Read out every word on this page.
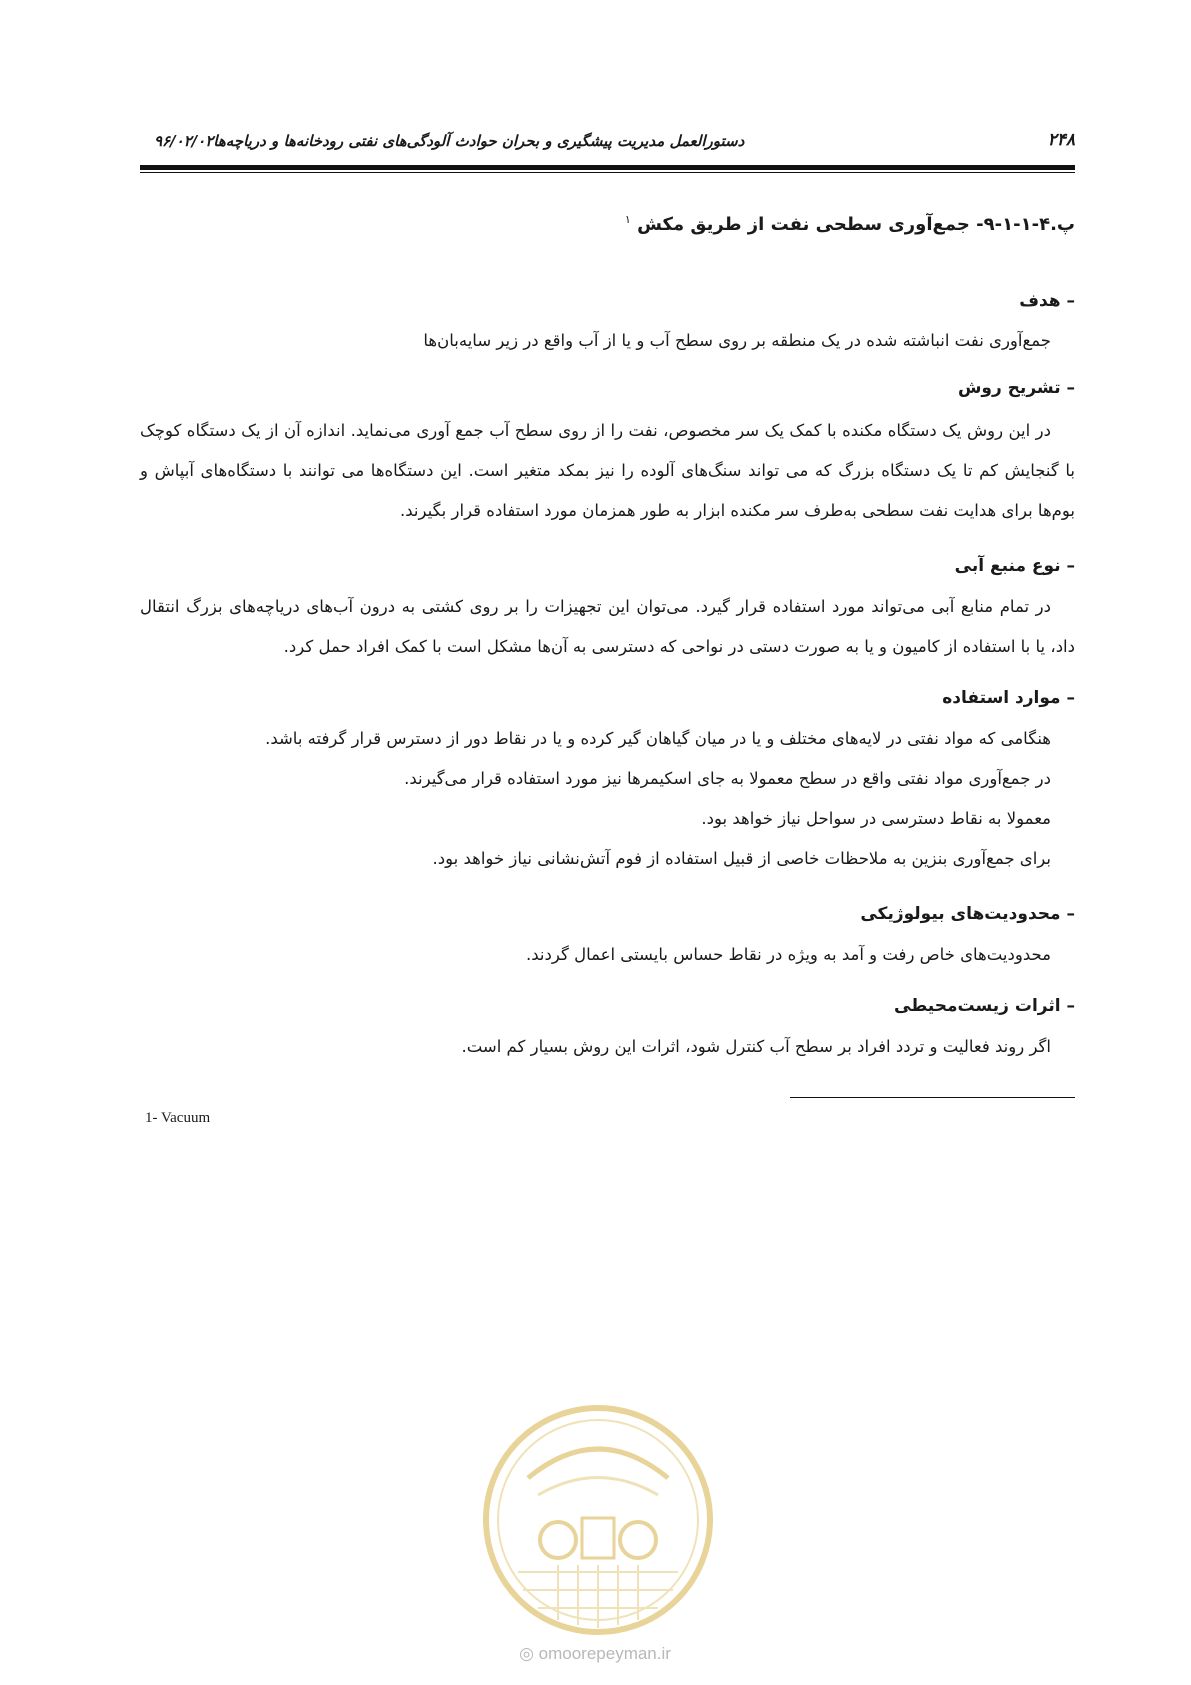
۲۴۸
دستورالعمل مدیریت پیشگیری و بحران حوادث آلودگی‌های نفتی رودخانه‌ها و دریاچه‌ها۹۶/۰۲/۰۲
پ.۴-۱-۱-۹- جمع‌آوری سطحی نفت از طریق مکش $^۱$

– هدف

جمع‌آوری نفت انباشته شده در یک منطقه بر روی سطح آب و یا از آب واقع در زیر سایه‌بان‌ها

– تشریح روش

در این روش یک دستگاه مکنده با کمک یک سر مخصوص، نفت را از روی سطح آب جمع آوری می‌نماید. اندازه آن از یک دستگاه کوچک با گنجایش کم تا یک دستگاه بزرگ که می تواند سنگ‌های آلوده را نیز بمکد متغیر است. این دستگاه‌ها می توانند با دستگاه‌های آبپاش و بوم‌ها برای هدایت نفت سطحی به‌طرف سر مکنده ابزار به طور همزمان مورد استفاده قرار بگیرند.

– نوع منبع آبی

در تمام منابع آبی می‌تواند مورد استفاده قرار گیرد. می‌توان این تجهیزات را بر روی کشتی به درون آب‌های دریاچه‌های بزرگ انتقال داد، یا با استفاده از کامیون و یا به صورت دستی در نواحی که دسترسی به آن‌ها مشکل است با کمک افراد حمل کرد.

– موارد استفاده

هنگامی که مواد نفتی در لایه‌های مختلف و یا در میان گیاهان گیر کرده و یا در نقاط دور از دسترس قرار گرفته باشد.

در جمع‌آوری مواد نفتی واقع در سطح معمولا به جای اسکیمرها نیز مورد استفاده قرار می‌گیرند.

معمولا به نقاط دسترسی در سواحل نیاز خواهد بود.

برای جمع‌آوری بنزین به ملاحظات خاصی از قبیل استفاده از فوم آتش‌نشانی نیاز خواهد بود.

– محدودیت‌های بیولوژیکی

محدودیت‌های خاص رفت و آمد به ویژه در نقاط حساس بایستی اعمال گردند.

– اثرات زیست‌محیطی

اگر روند فعالیت و تردد افراد بر سطح آب کنترل شود، اثرات این روش بسیار کم است.

1- Vacuum
◎ omoorepeyman.ir
